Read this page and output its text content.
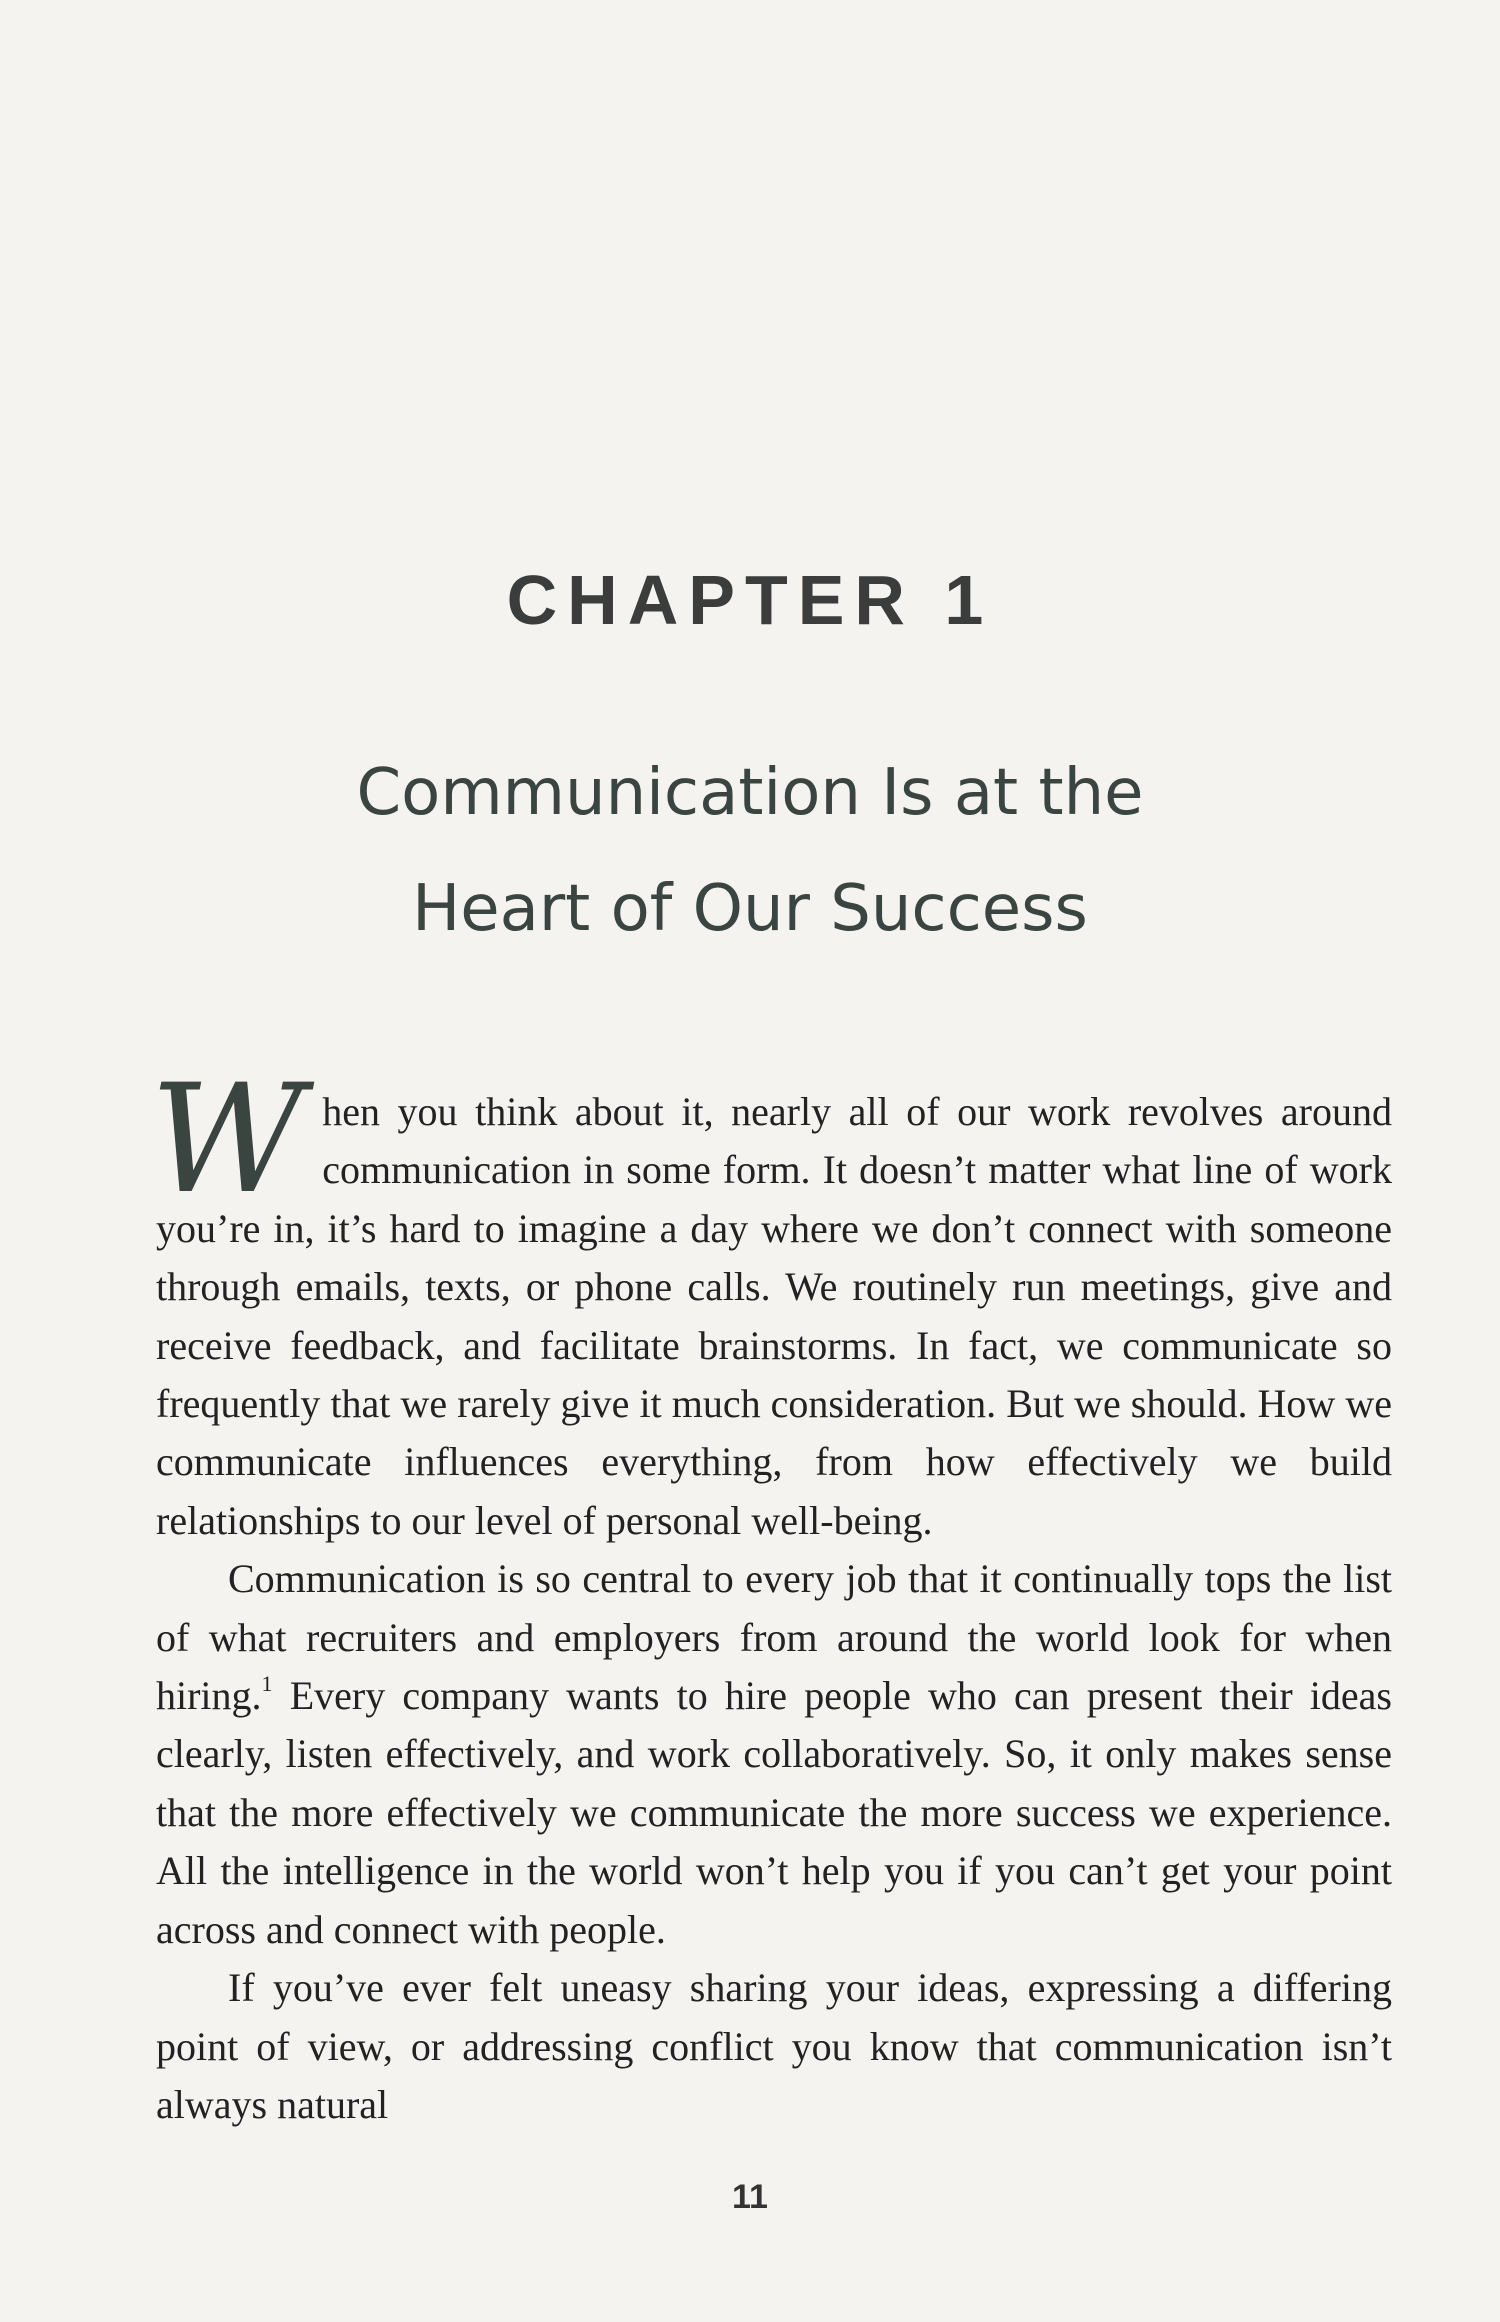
CHAPTER 1
Communication Is at the
Heart of Our Success

When you think about it, nearly all of our work revolves around communication in some form. It doesn’t matter what line of work you’re in, it’s hard to imagine a day where we don’t connect with someone through emails, texts, or phone calls. We routinely run meetings, give and receive feedback, and facilitate brainstorms. In fact, we communicate so frequently that we rarely give it much consideration. But we should. How we communicate influences everything, from how effectively we build relationships to our level of personal well-being.

Communication is so central to every job that it continually tops the list of what recruiters and employers from around the world look for when hiring.$^1$ Every company wants to hire people who can present their ideas clearly, listen effectively, and work collaboratively. So, it only makes sense that the more effectively we communicate the more success we experience. All the intelligence in the world won’t help you if you can’t get your point across and connect with people.

If you’ve ever felt uneasy sharing your ideas, expressing a differing point of view, or addressing conflict you know that communication isn’t always natural

11
